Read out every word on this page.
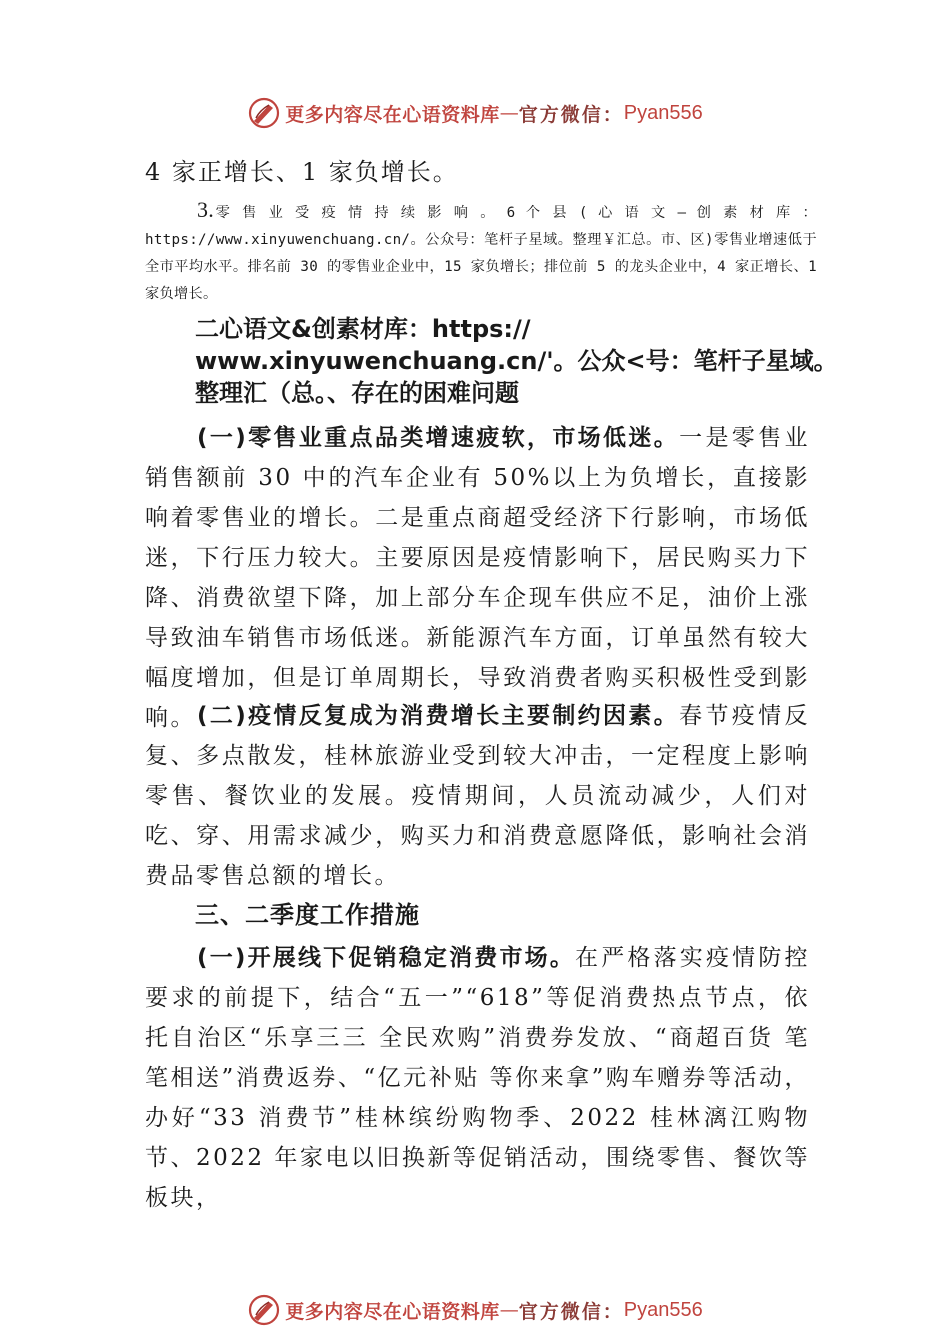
更多内容尽在心语资料库 — 官方微信： Pyan556
4 家正增长、1 家负增长。
3.零 售 业 受 疫 情 持 续 影 响 。 6 个 县 ( 心 语 文 — 创 素 材 库 ： https://www.xinyuwenchuang.cn/。公众号：笔杆子星域。整理￥汇总。市、区)零售业增速低于全市平均水平。排名前 30 的零售业企业中，15 家负增长；排位前 5 的龙头企业中，4 家正增长、1 家负增长。
二心语文&创素材库：https:// www.xinyuwenchuang.cn/'。公众<号：笔杆子星域。整理汇（总。、存在的困难问题
(一)零售业重点品类增速疲软，市场低迷。一是零售业销售额前 30 中的汽车企业有 50%以上为负增长，直接影响着零售业的增长。二是重点商超受经济下行影响，市场低迷，下行压力较大。主要原因是疫情影响下，居民购买力下降、消费欲望下降，加上部分车企现车供应不足，油价上涨导致油车销售市场低迷。新能源汽车方面，订单虽然有较大幅度增加，但是订单周期长，导致消费者购买积极性受到影响。 (二)疫情反复成为消费增长主要制约因素。春节疫情反复、多点散发，桂林旅游业受到较大冲击，一定程度上影响零售、餐饮业的发展。疫情期间，人员流动减少，人们对吃、穿、用需求减少，购买力和消费意愿降低，影响社会消费品零售总额的增长。
三、二季度工作措施
(一)开展线下促销稳定消费市场。在严格落实疫情防控要求的前提下，结合“五一”“618”等促消费热点节点，依托自治区“乐享三三 全民欢购”消费券发放、“商超百货 笔笔相送”消费返券、“亿元补贴 等你来拿”购车赠券等活动，办好“33 消费节”桂林缤纷购物季、2022 桂林漓江购物节、2022 年家电以旧换新等促销活动，围绕零售、餐饮等板块，
更多内容尽在心语资料库 — 官方微信： Pyan556
